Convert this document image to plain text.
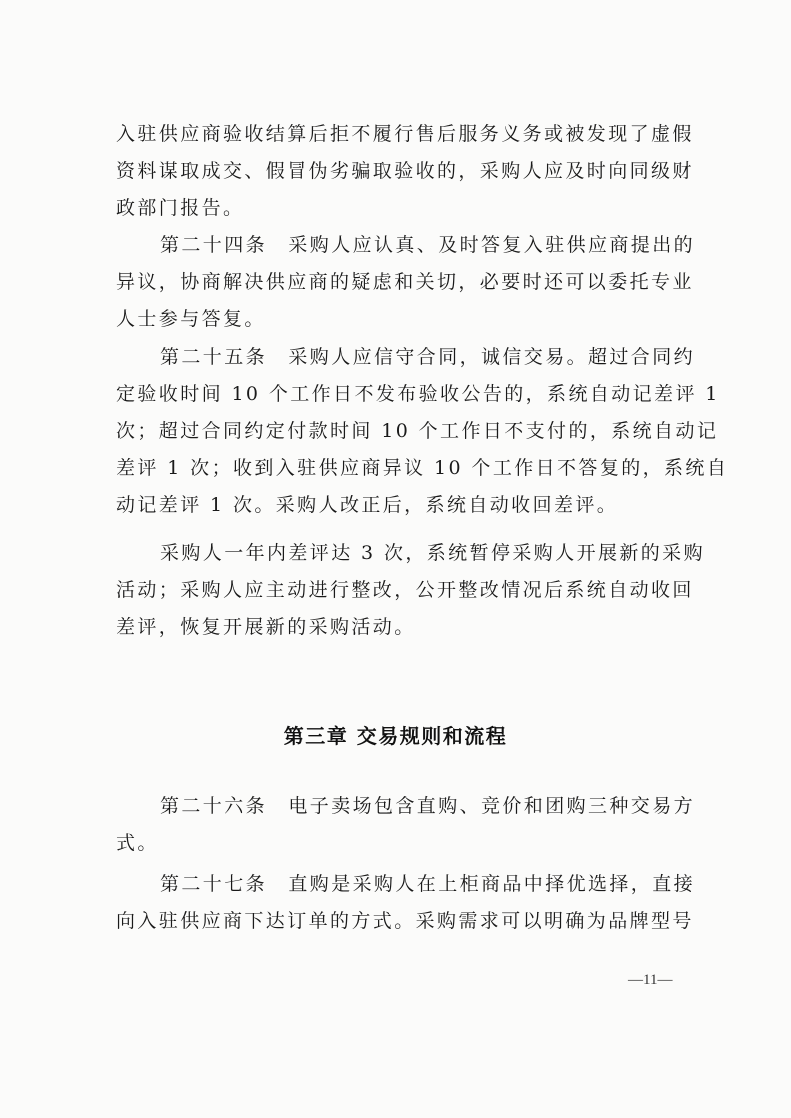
入驻供应商验收结算后拒不履行售后服务义务或被发现了虚假
资料谋取成交、假冒伪劣骗取验收的，采购人应及时向同级财
政部门报告。

第二十四条　采购人应认真、及时答复入驻供应商提出的
异议，协商解决供应商的疑虑和关切，必要时还可以委托专业
人士参与答复。

第二十五条　采购人应信守合同，诚信交易。超过合同约
定验收时间 10 个工作日不发布验收公告的，系统自动记差评 1
次；超过合同约定付款时间 10 个工作日不支付的，系统自动记
差评 1 次；收到入驻供应商异议 10 个工作日不答复的，系统自
动记差评 1 次。采购人改正后，系统自动收回差评。

采购人一年内差评达 3 次，系统暂停采购人开展新的采购
活动；采购人应主动进行整改，公开整改情况后系统自动收回
差评，恢复开展新的采购活动。

第三章 交易规则和流程

第二十六条　电子卖场包含直购、竞价和团购三种交易方
式。

第二十七条　直购是采购人在上柜商品中择优选择，直接
向入驻供应商下达订单的方式。采购需求可以明确为品牌型号

—11—
